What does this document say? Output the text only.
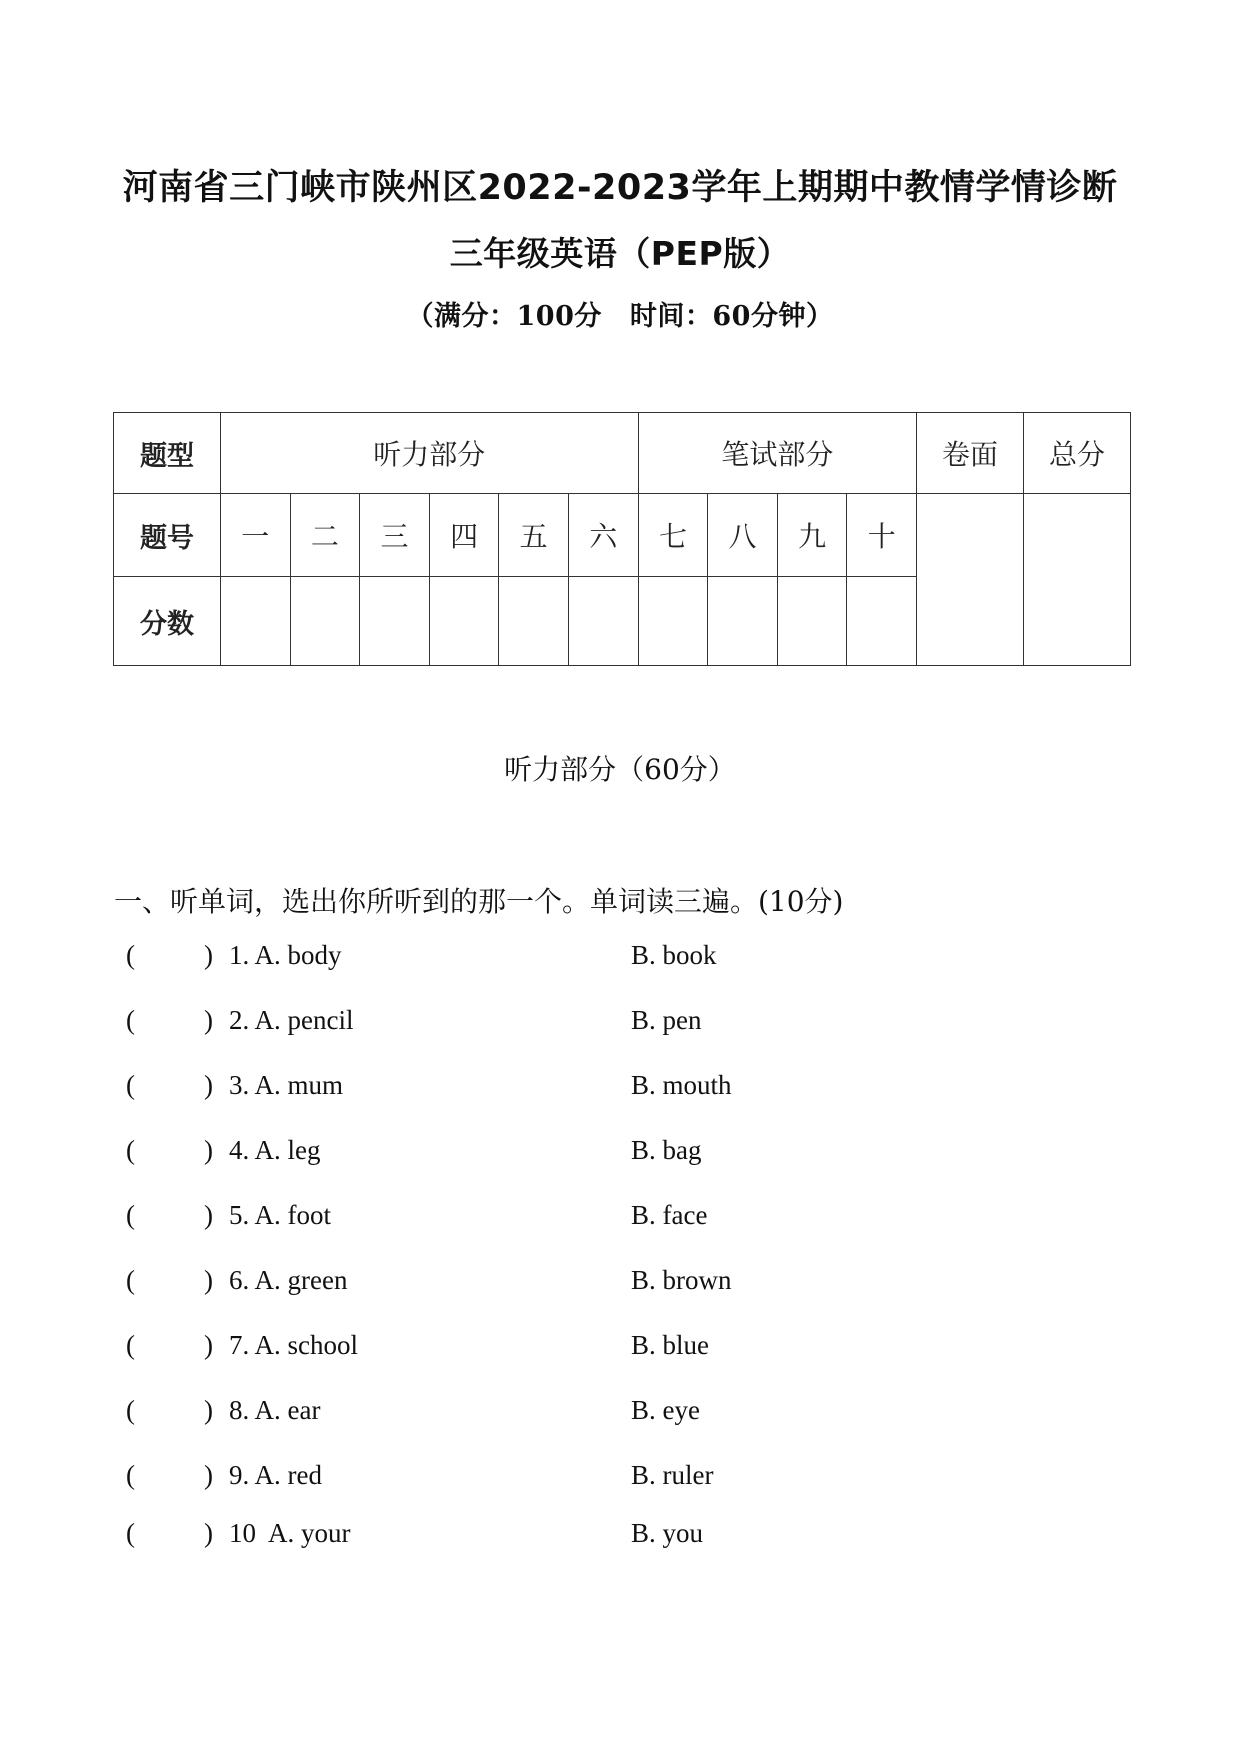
河南省三门峡市陕州区2022-2023学年上期期中教情学情诊断
三年级英语（PEP版）
（满分：100分 时间：60分钟）
题型	听力部分						笔试部分				卷面	总分
题号	一	二	三	四	五	六	七	八	九	十		
分数												
听力部分（60分）
一、听单词，选出你所听到的那一个。单词读三遍。(10分)
(	) 1. A. body	B. book
(	) 2. A. pencil	B. pen
(	) 3. A. mum	B. mouth
(	) 4. A. leg	B. bag
(	) 5. A. foot	B. face
(	) 6. A. green	B. brown
(	) 7. A. school	B. blue
(	) 8. A. ear	B. eye
(	) 9. A. red	B. ruler
(	) 10  A. your	B. you
